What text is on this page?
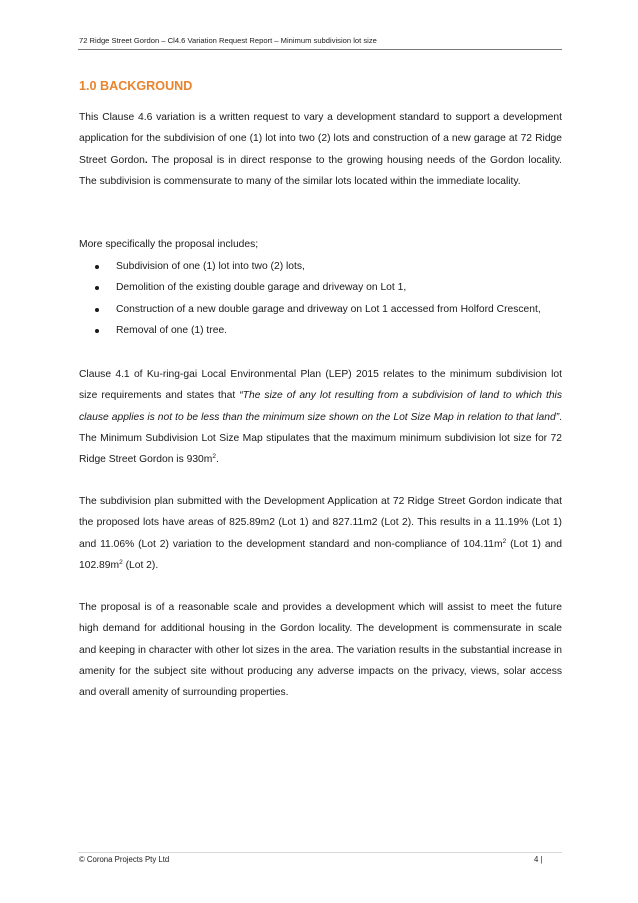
72 Ridge Street Gordon – Cl4.6 Variation Request Report – Minimum subdivision lot size
1.0 BACKGROUND

This Clause 4.6 variation is a written request to vary a development standard to support a development application for the subdivision of one (1) lot into two (2) lots and construction of a new garage at 72 Ridge Street Gordon. The proposal is in direct response to the growing housing needs of the Gordon locality. The subdivision is commensurate to many of the similar lots located within the immediate locality.

More specifically the proposal includes;

Subdivision of one (1) lot into two (2) lots,
Demolition of the existing double garage and driveway on Lot 1,
Construction of a new double garage and driveway on Lot 1 accessed from Holford Crescent,
Removal of one (1) tree.

Clause 4.1 of Ku-ring-gai Local Environmental Plan (LEP) 2015 relates to the minimum subdivision lot size requirements and states that “The size of any lot resulting from a subdivision of land to which this clause applies is not to be less than the minimum size shown on the Lot Size Map in relation to that land”. The Minimum Subdivision Lot Size Map stipulates that the maximum minimum subdivision lot size for 72 Ridge Street Gordon is $930m^2$.

The subdivision plan submitted with the Development Application at 72 Ridge Street Gordon indicate that the proposed lots have areas of 825.89m2 (Lot 1) and 827.11m2 (Lot 2). This results in a 11.19% (Lot 1) and 11.06% (Lot 2) variation to the development standard and non-compliance of $104.11m^2$ (Lot 1) and $102.89m^2$ (Lot 2).

The proposal is of a reasonable scale and provides a development which will assist to meet the future high demand for additional housing in the Gordon locality. The development is commensurate in scale and keeping in character with other lot sizes in the area. The variation results in the substantial increase in amenity for the subject site without producing any adverse impacts on the privacy, views, solar access and overall amenity of surrounding properties.

© Corona Projects Pty Ltd	4 |
